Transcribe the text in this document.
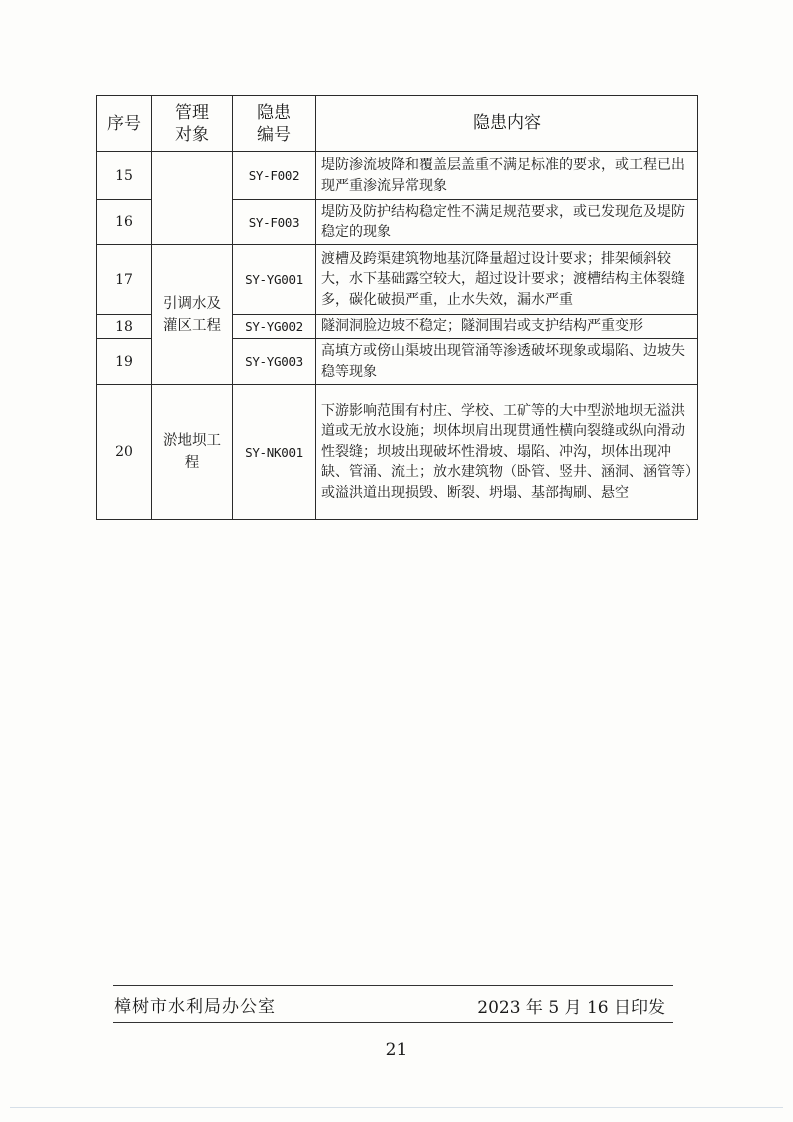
序号	管理对象	隐患编号	隐患内容
15		SY-F002	堤防渗流坡降和覆盖层盖重不满足标准的要求，或工程已出现严重渗流异常现象
16		SY-F003	堤防及防护结构稳定性不满足规范要求，或已发现危及堤防稳定的现象
17	引调水及灌区工程	SY-YG001	渡槽及跨渠建筑物地基沉降量超过设计要求；排架倾斜较大，水下基础露空较大，超过设计要求；渡槽结构主体裂缝多，碳化破损严重，止水失效，漏水严重
18		SY-YG002	隧洞洞脸边坡不稳定；隧洞围岩或支护结构严重变形
19		SY-YG003	高填方或傍山渠坡出现管涌等渗透破坏现象或塌陷、边坡失稳等现象
20	淤地坝工程	SY-NK001	下游影响范围有村庄、学校、工矿等的大中型淤地坝无溢洪道或无放水设施；坝体坝肩出现贯通性横向裂缝或纵向滑动性裂缝；坝坡出现破坏性滑坡、塌陷、冲沟，坝体出现冲缺、管涌、流土；放水建筑物（卧管、竖井、涵洞、涵管等）或溢洪道出现损毁、断裂、坍塌、基部掏刷、悬空
樟树市水利局办公室	2023 年 5 月 16 日印发
21
